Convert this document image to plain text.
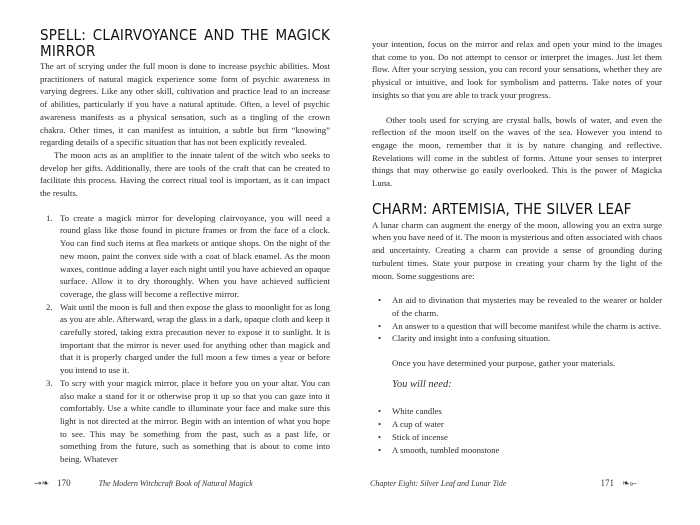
SPELL: CLAIRVOYANCE AND THE MAGICK MIRROR

The art of scrying under the full moon is done to increase psychic abilities. Most practitioners of natural magick experience some form of psychic awareness in varying degrees. Like any other skill, cultivation and practice lead to an increase of abilities, particularly if you have a natural aptitude. Often, a level of psychic awareness manifests as a physical sensation, such as a tingling of the crown chakra. Other times, it can manifest as intuition, a subtle but firm “knowing” regarding details of a specific situation that has not been explicitly revealed.

The moon acts as an amplifier to the innate talent of the witch who seeks to develop her gifts. Additionally, there are tools of the craft that can be created to facilitate this process. Having the correct ritual tool is important, as it can impact the results.

1. To create a magick mirror for developing clairvoyance, you will need a round glass like those found in picture frames or from the face of a clock. You can find such items at flea markets or antique shops. On the night of the new moon, paint the convex side with a coat of black enamel. As the moon waxes, continue adding a layer each night until you have achieved an opaque surface. Allow it to dry thoroughly. When you have achieved sufficient coverage, the glass will become a reflective mirror.
2. Wait until the moon is full and then expose the glass to moonlight for as long as you are able. Afterward, wrap the glass in a dark, opaque cloth and keep it carefully stored, taking extra precaution never to expose it to sunlight. It is important that the mirror is never used for anything other than magick and that it is properly charged under the full moon a few times a year or before you intend to use it.
3. To scry with your magick mirror, place it before you on your altar. You can also make a stand for it or otherwise prop it up so that you can gaze into it comfortably. Use a white candle to illuminate your face and make sure this light is not directed at the mirror. Begin with an intention of what you hope to see. This may be something from the past, such as a past life, or something from the future, such as something that is about to come into being. Whatever
⊸❧ 170	The Modern Witchcraft Book of Natural Magick

your intention, focus on the mirror and relax and open your mind to the images that come to you. Do not attempt to censor or interpret the images. Just let them flow. After your scrying session, you can record your sensations, whether they are physical or intuitive, and look for symbolism and patterns. Take notes of your insights so that you are able to track your progress.

Other tools used for scrying are crystal balls, bowls of water, and even the reflection of the moon itself on the waves of the sea. However you intend to engage the moon, remember that it is by nature changing and reflective. Revelations will come in the subtlest of forms. Attune your senses to interpret things that may otherwise go easily overlooked. This is the power of Magicka Luna.

CHARM: ARTEMISIA, THE SILVER LEAF

A lunar charm can augment the energy of the moon, allowing you an extra surge when you have need of it. The moon is mysterious and often associated with chaos and uncertainty. Creating a charm can provide a sense of grounding during turbulent times. State your purpose in creating your charm by the light of the moon. Some suggestions are:

• An aid to divination that mysteries may be revealed to the wearer or holder of the charm.
• An answer to a question that will become manifest while the charm is active.
• Clarity and insight into a confusing situation.

Once you have determined your purpose, gather your materials.

You will need:

• White candles
• A cup of water
• Stick of incense
• A smooth, tumbled moonstone
Chapter Eight: Silver Leaf and Lunar Tide	171 ❧⟜
